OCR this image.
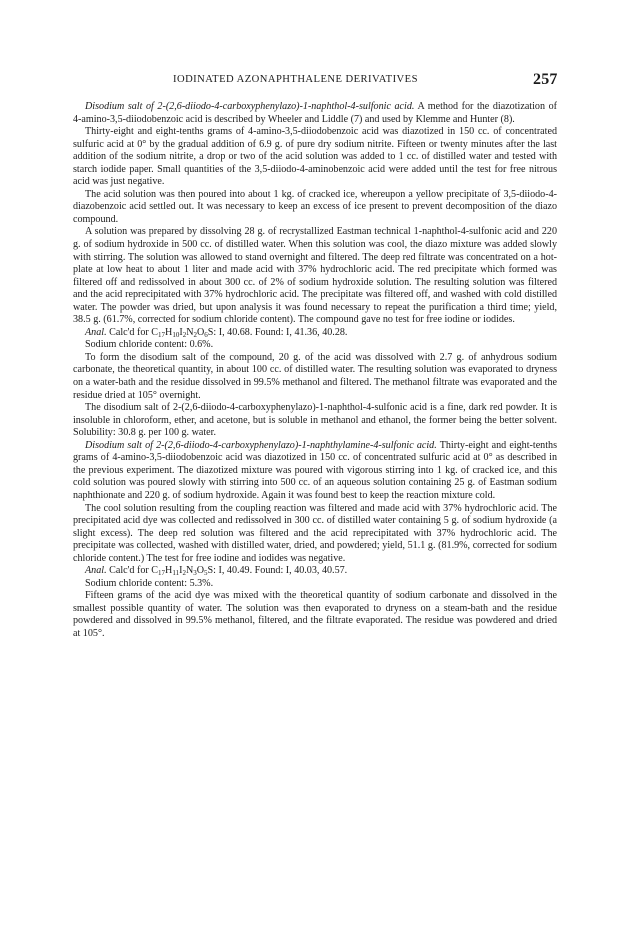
IODINATED AZONAPHTHALENE DERIVATIVES	257

Disodium salt of 2-(2,6-diiodo-4-carboxyphenylazo)-1-naphthol-4-sulfonic acid. A method for the diazotization of 4-amino-3,5-diiodobenzoic acid is described by Wheeler and Liddle (7) and used by Klemme and Hunter (8).

Thirty-eight and eight-tenths grams of 4-amino-3,5-diiodobenzoic acid was diazotized in 150 cc. of concentrated sulfuric acid at 0° by the gradual addition of 6.9 g. of pure dry sodium nitrite. Fifteen or twenty minutes after the last addition of the sodium nitrite, a drop or two of the acid solution was added to 1 cc. of distilled water and tested with starch iodide paper. Small quantities of the 3,5-diiodo-4-aminobenzoic acid were added until the test for free nitrous acid was just negative.

The acid solution was then poured into about 1 kg. of cracked ice, whereupon a yellow precipitate of 3,5-diiodo-4-diazobenzoic acid settled out. It was necessary to keep an excess of ice present to prevent decomposition of the diazo compound.

A solution was prepared by dissolving 28 g. of recrystallized Eastman technical 1-naphthol-4-sulfonic acid and 220 g. of sodium hydroxide in 500 cc. of distilled water. When this solution was cool, the diazo mixture was added slowly with stirring. The solution was allowed to stand overnight and filtered. The deep red filtrate was concentrated on a hot-plate at low heat to about 1 liter and made acid with 37% hydrochloric acid. The red precipitate which formed was filtered off and redissolved in about 300 cc. of 2% of sodium hydroxide solution. The resulting solution was filtered and the acid reprecipitated with 37% hydrochloric acid. The precipitate was filtered off, and washed with cold distilled water. The powder was dried, but upon analysis it was found necessary to repeat the purification a third time; yield, 38.5 g. (61.7%, corrected for sodium chloride content). The compound gave no test for free iodine or iodides.

Anal. Calc'd for $C_{17}H_{10}I_2N_2O_6S$: I, 40.68. Found: I, 41.36, 40.28.

Sodium chloride content: 0.6%.

To form the disodium salt of the compound, 20 g. of the acid was dissolved with 2.7 g. of anhydrous sodium carbonate, the theoretical quantity, in about 100 cc. of distilled water. The resulting solution was evaporated to dryness on a water-bath and the residue dissolved in 99.5% methanol and filtered. The methanol filtrate was evaporated and the residue dried at 105° overnight.

The disodium salt of 2-(2,6-diiodo-4-carboxyphenylazo)-1-naphthol-4-sulfonic acid is a fine, dark red powder. It is insoluble in chloroform, ether, and acetone, but is soluble in methanol and ethanol, the former being the better solvent. Solubility: 30.8 g. per 100 g. water.

Disodium salt of 2-(2,6-diiodo-4-carboxyphenylazo)-1-naphthylamine-4-sulfonic acid. Thirty-eight and eight-tenths grams of 4-amino-3,5-diiodobenzoic acid was diazotized in 150 cc. of concentrated sulfuric acid at 0° as described in the previous experiment. The diazotized mixture was poured with vigorous stirring into 1 kg. of cracked ice, and this cold solution was poured slowly with stirring into 500 cc. of an aqueous solution containing 25 g. of Eastman sodium naphthionate and 220 g. of sodium hydroxide. Again it was found best to keep the reaction mixture cold.

The cool solution resulting from the coupling reaction was filtered and made acid with 37% hydrochloric acid. The precipitated acid dye was collected and redissolved in 300 cc. of distilled water containing 5 g. of sodium hydroxide (a slight excess). The deep red solution was filtered and the acid reprecipitated with 37% hydrochloric acid. The precipitate was collected, washed with distilled water, dried, and powdered; yield, 51.1 g. (81.9%, corrected for sodium chloride content.) The test for free iodine and iodides was negative.

Anal. Calc'd for $C_{17}H_{11}I_2N_3O_5S$: I, 40.49. Found: I, 40.03, 40.57.

Sodium chloride content: 5.3%.

Fifteen grams of the acid dye was mixed with the theoretical quantity of sodium carbonate and dissolved in the smallest possible quantity of water. The solution was then evaporated to dryness on a steam-bath and the residue powdered and dissolved in 99.5% methanol, filtered, and the filtrate evaporated. The residue was powdered and dried at 105°.
